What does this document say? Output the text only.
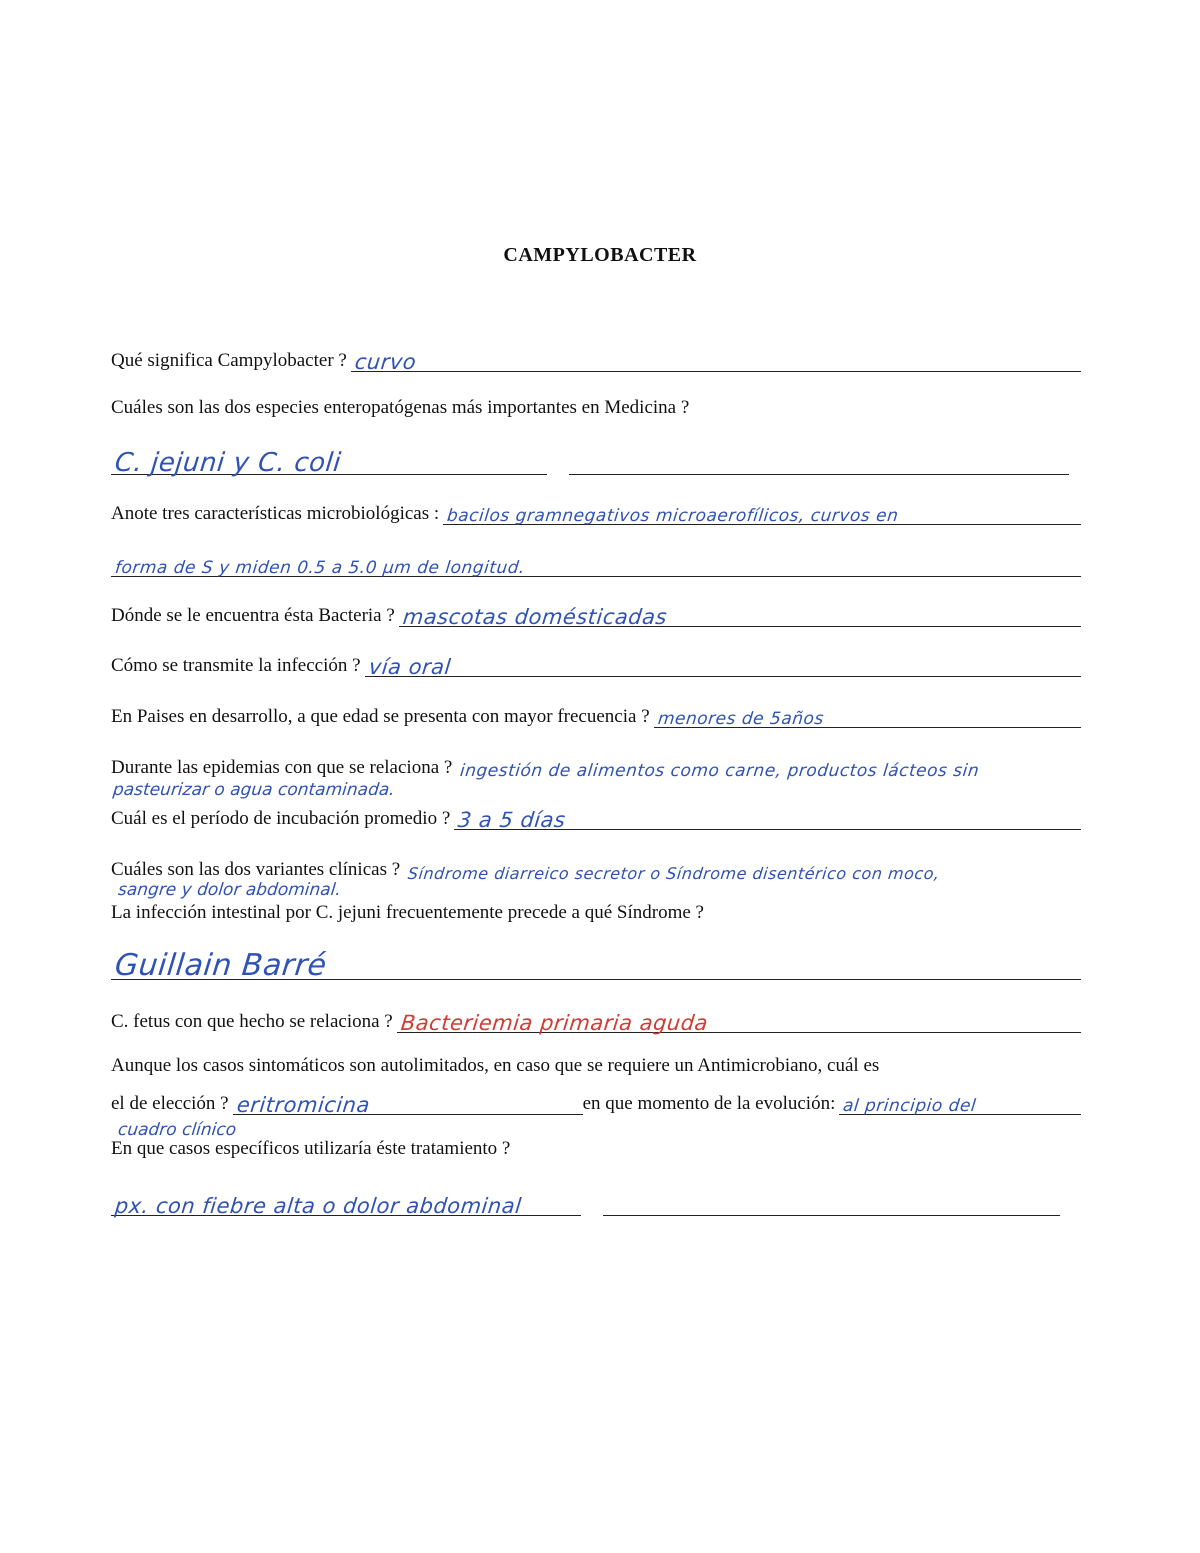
CAMPYLOBACTER
Qué significa Campylobacter ? curvo
Cuáles son las dos especies enteropatógenas más importantes en Medicina ?
C. jejuni y C. coli
Anote tres características microbiológicas : bacilos gramnegativos microaerofílicos, curvos en
forma de S y miden 0.5 a 5.0 µm de longitud.
Dónde se le encuentra ésta Bacteria ? mascotas domésticadas
Cómo se transmite la infección ? vía oral
En Paises en desarrollo, a que edad se presenta con mayor frecuencia ? menores de 5años
Durante las epidemias con que se relaciona ? ingestión de alimentos como carne, productos lácteos sin
pasteurizar o agua contaminada.
Cuál es el período de incubación promedio ? 3 a 5 días
Cuáles son las dos variantes clínicas ? Síndrome diarreico secretor o Síndrome disentérico con moco,
sangre y dolor abdominal.
La infección intestinal por C. jejuni frecuentemente precede a qué Síndrome ?
Guillain Barré
C. fetus con que hecho se relaciona ? Bacteriemia primaria aguda
Aunque los casos sintomáticos son autolimitados, en caso que se requiere un Antimicrobiano, cuál es
el de elección ? eritromicina	en que momento de la evolución: al principio del
cuadro clínico
En que casos específicos utilizaría éste tratamiento ?
px. con fiebre alta o dolor abdominal
